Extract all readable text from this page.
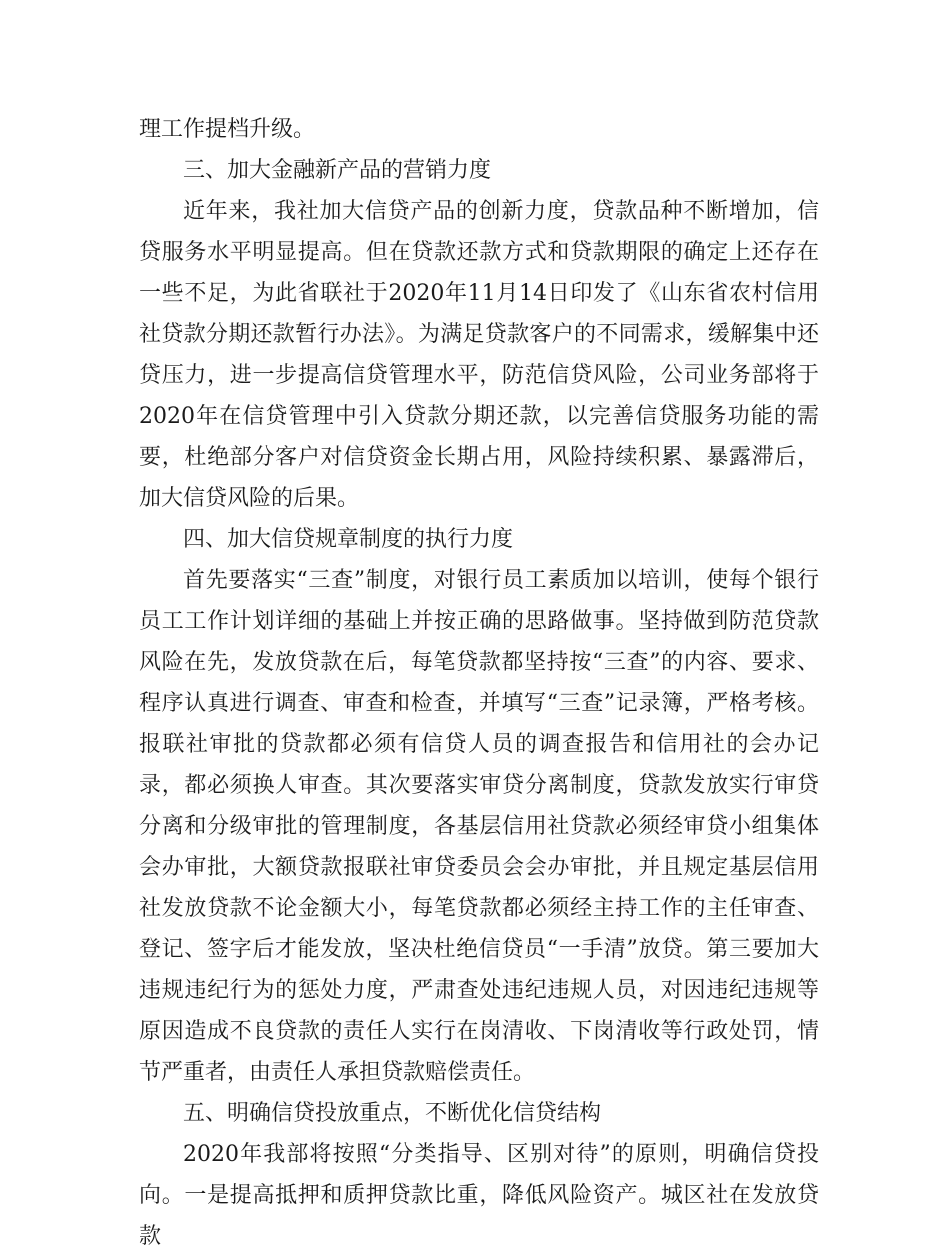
理工作提档升级。

三、加大金融新产品的营销力度

近年来，我社加大信贷产品的创新力度，贷款品种不断增加，信贷服务水平明显提高。但在贷款还款方式和贷款期限的确定上还存在一些不足，为此省联社于2020年11月14日印发了《山东省农村信用社贷款分期还款暂行办法》。为满足贷款客户的不同需求，缓解集中还贷压力，进一步提高信贷管理水平，防范信贷风险，公司业务部将于2020年在信贷管理中引入贷款分期还款，以完善信贷服务功能的需要，杜绝部分客户对信贷资金长期占用，风险持续积累、暴露滞后，加大信贷风险的后果。

四、加大信贷规章制度的执行力度

首先要落实“三查”制度，对银行员工素质加以培训，使每个银行员工工作计划详细的基础上并按正确的思路做事。坚持做到防范贷款风险在先，发放贷款在后，每笔贷款都坚持按“三查”的内容、要求、程序认真进行调查、审查和检查，并填写“三查”记录簿，严格考核。报联社审批的贷款都必须有信贷人员的调查报告和信用社的会办记录，都必须换人审查。其次要落实审贷分离制度，贷款发放实行审贷分离和分级审批的管理制度，各基层信用社贷款必须经审贷小组集体会办审批，大额贷款报联社审贷委员会会办审批，并且规定基层信用社发放贷款不论金额大小，每笔贷款都必须经主持工作的主任审查、登记、签字后才能发放，坚决杜绝信贷员“一手清”放贷。第三要加大违规违纪行为的惩处力度，严肃查处违纪违规人员，对因违纪违规等原因造成不良贷款的责任人实行在岗清收、下岗清收等行政处罚，情节严重者，由责任人承担贷款赔偿责任。

五、明确信贷投放重点，不断优化信贷结构

2020年我部将按照“分类指导、区别对待”的原则，明确信贷投向。一是提高抵押和质押贷款比重，降低风险资产。城区社在发放贷款
